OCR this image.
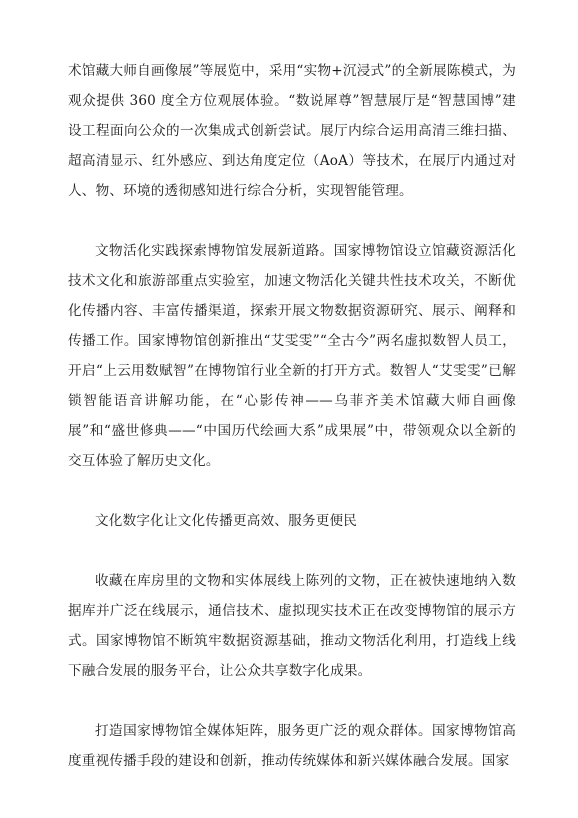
术馆藏大师自画像展”等展览中，采用“实物+沉浸式”的全新展陈模式，为观众提供 360 度全方位观展体验。“数说犀尊”智慧展厅是“智慧国博”建设工程面向公众的一次集成式创新尝试。展厅内综合运用高清三维扫描、超高清显示、红外感应、到达角度定位（AoA）等技术，在展厅内通过对人、物、环境的透彻感知进行综合分析，实现智能管理。

文物活化实践探索博物馆发展新道路。国家博物馆设立馆藏资源活化技术文化和旅游部重点实验室，加速文物活化关键共性技术攻关，不断优化传播内容、丰富传播渠道，探索开展文物数据资源研究、展示、阐释和传播工作。国家博物馆创新推出“艾雯雯”“全古今”两名虚拟数智人员工，开启“上云用数赋智”在博物馆行业全新的打开方式。数智人“艾雯雯”已解锁智能语音讲解功能，在“心影传神——乌菲齐美术馆藏大师自画像展”和“盛世修典——“中国历代绘画大系”成果展”中，带领观众以全新的交互体验了解历史文化。

文化数字化让文化传播更高效、服务更便民

收藏在库房里的文物和实体展线上陈列的文物，正在被快速地纳入数据库并广泛在线展示，通信技术、虚拟现实技术正在改变博物馆的展示方式。国家博物馆不断筑牢数据资源基础，推动文物活化利用，打造线上线下融合发展的服务平台，让公众共享数字化成果。

打造国家博物馆全媒体矩阵，服务更广泛的观众群体。国家博物馆高度重视传播手段的建设和创新，推动传统媒体和新兴媒体融合发展。国家
